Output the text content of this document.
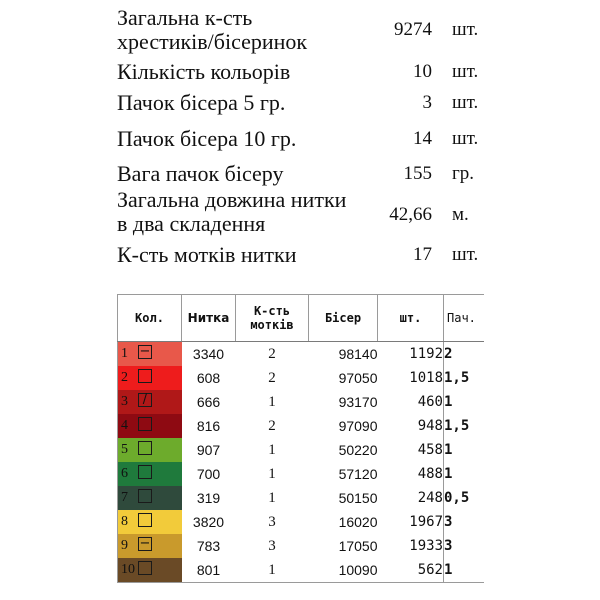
Загальна к-сть
хрестиків/бісеринок	9274 шт.
Кількість кольорів	10 шт.
Пачок бісера 5 гр.	3 шт.
Пачок бісера 10 гр.	14 шт.
Вага пачок бісеру	155 гр.
Загальна довжина нитки
в два складення	42,66 м.
К-сть мотків нитки	17 шт.
Кол.	Нитка	К-сть
мотків	Бісер	шт.	Пач.

1 −	3340	2	98140	1192	2

2	608	2	97050	1018	1,5

3 /	666	1	93170	460	1

4	816	2	97090	948	1,5

5	907	1	50220	458	1

6	700	1	57120	488	1

7	319	1	50150	248	0,5

8	3820	3	16020	1967	3

9 −	783	3	17050	1933	3

10	801	1	10090	562	1
